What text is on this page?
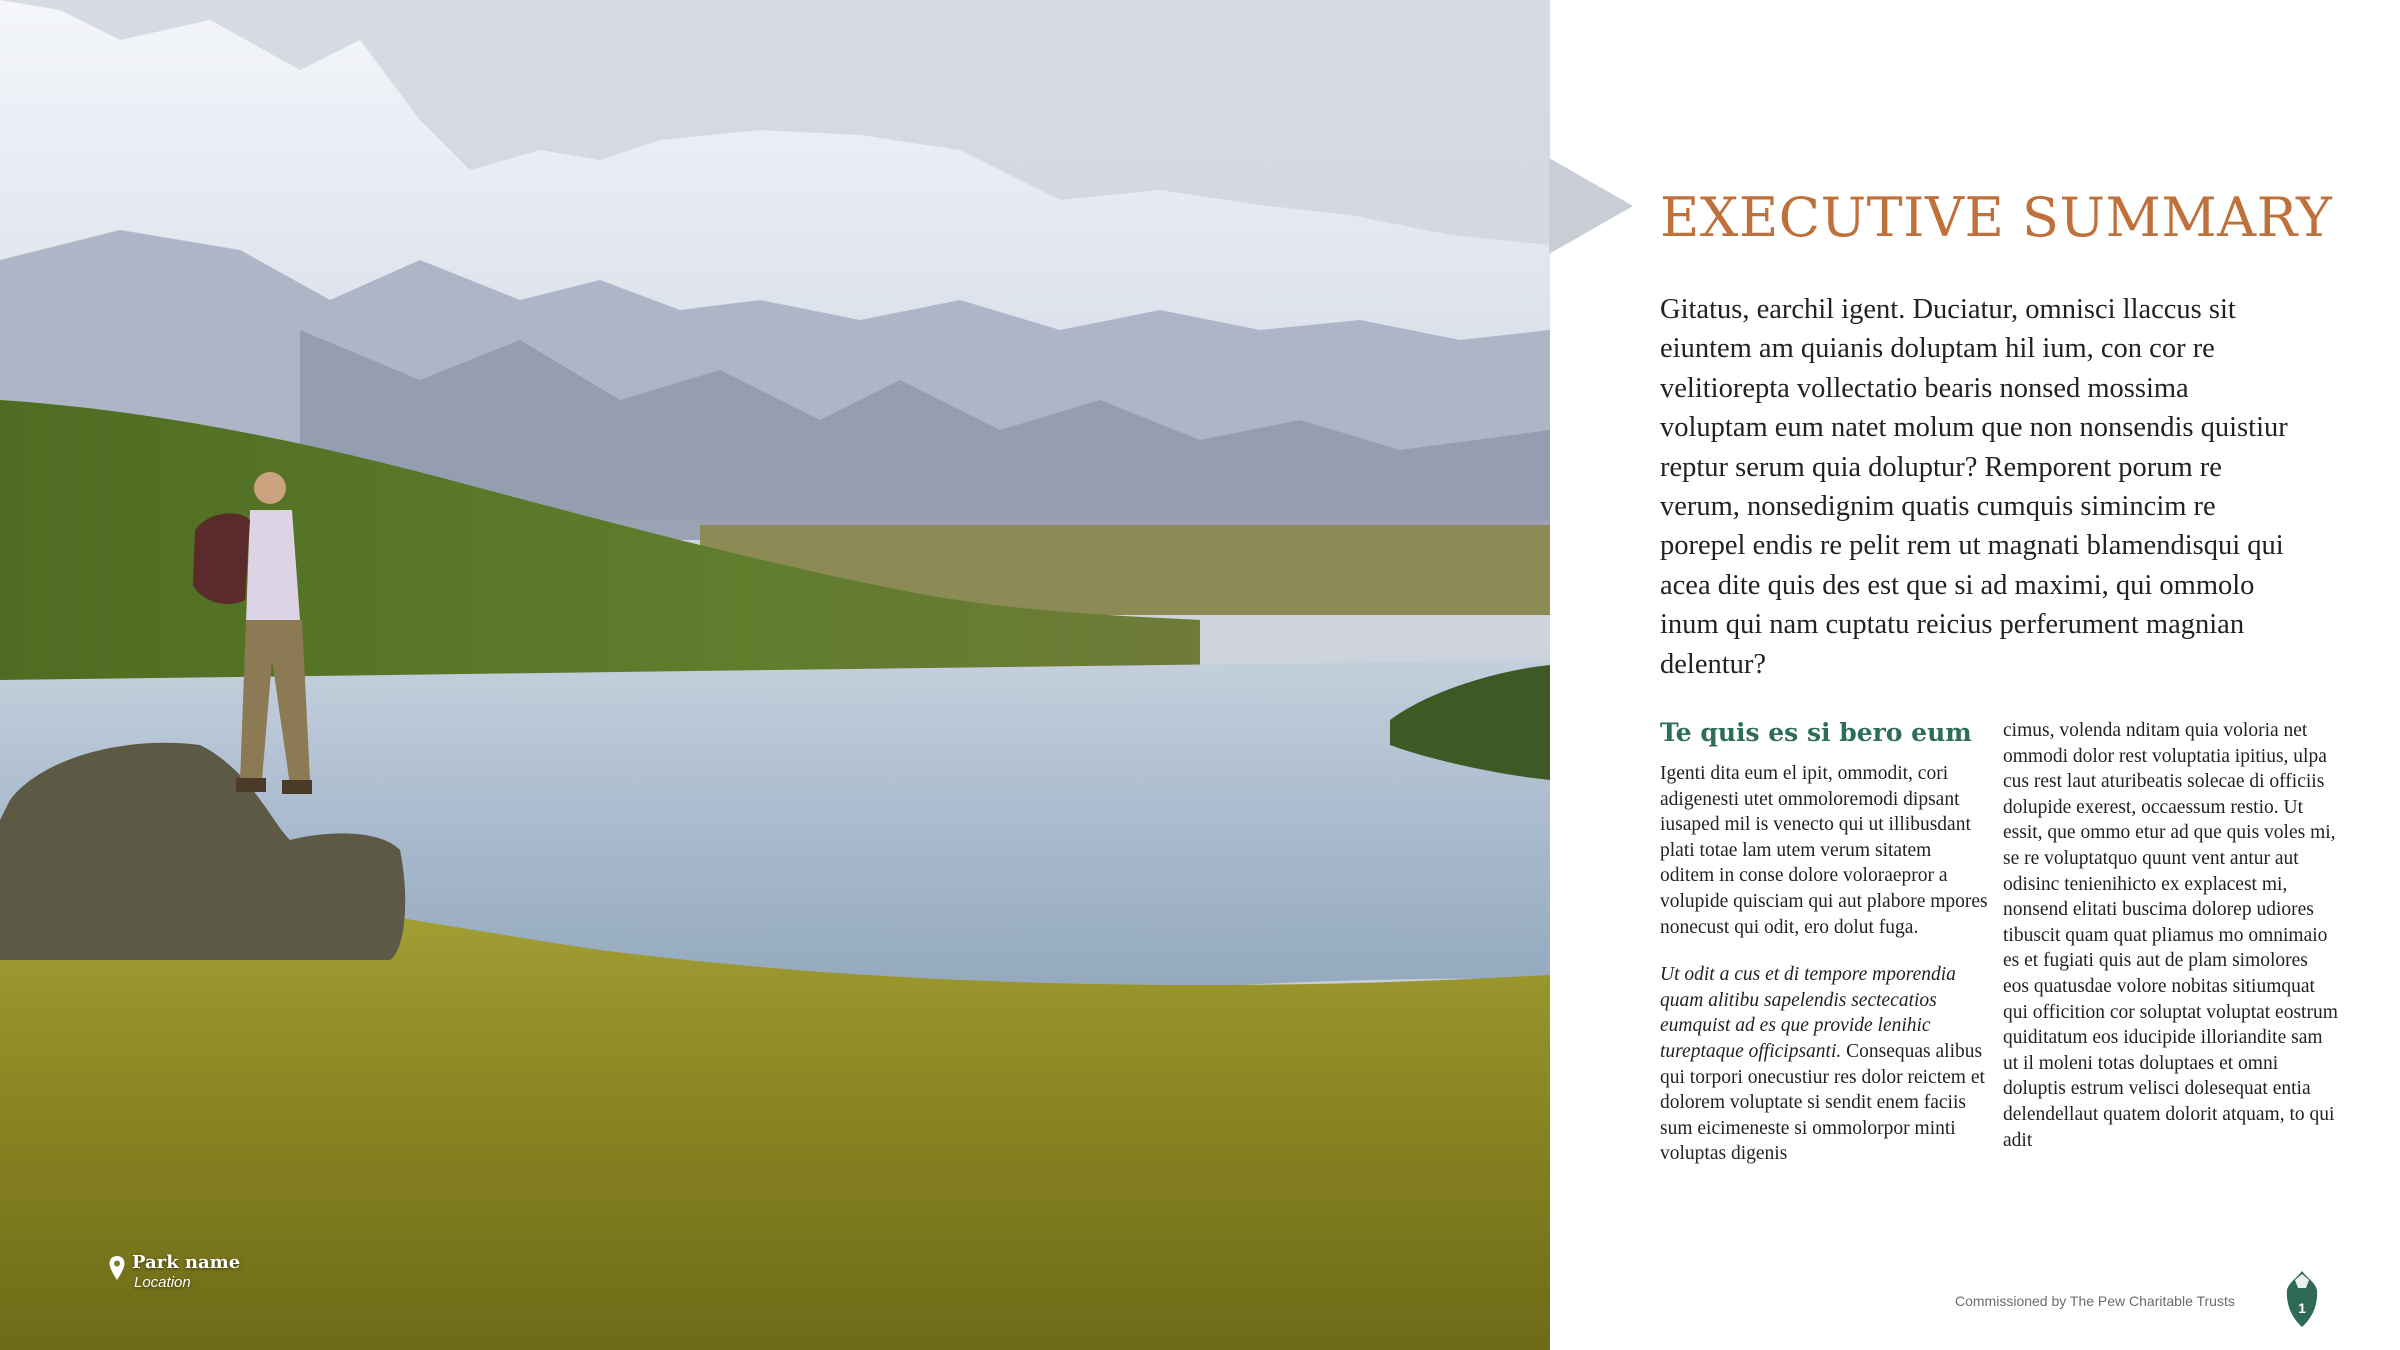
Park name
Location
EXECUTIVE SUMMARY

Gitatus, earchil igent. Duciatur, omnisci llaccus sit eiuntem am quianis doluptam hil ium, con cor re velitiorepta vollectatio bearis nonsed mossima voluptam eum natet molum que non nonsendis quistiur reptur serum quia doluptur? Remporent porum re verum, nonsedignim quatis cumquis simincim re porepel endis re pelit rem ut magnati blamendisqui qui acea dite quis des est que si ad maximi, qui ommolo inum qui nam cuptatu reicius perferument magnian delentur?

Te quis es si bero eum

Igenti dita eum el ipit, ommodit, cori adigenesti utet ommoloremodi dipsant iusaped mil is venecto qui ut illibusdant plati totae lam utem verum sitatem oditem in conse dolore voloraepror a volupide quisciam qui aut plabore mpores nonecust qui odit, ero dolut fuga.

Ut odit a cus et di tempore mporendia quam alitibu sapelendis sectecatios eumquist ad es que provide lenihic tureptaque officipsanti. Consequas alibus qui torpori onecustiur res dolor reictem et dolorem voluptate si sendit enem faciis sum eicimeneste si ommolorpor minti voluptas digenis

cimus, volenda nditam quia voloria net ommodi dolor rest voluptatia ipitius, ulpa cus rest laut aturibeatis solecae di officiis dolupide exerest, occaessum restio. Ut essit, que ommo etur ad que quis voles mi, se re voluptatquo quunt vent antur aut odisinc tenienihicto ex explacest mi, nonsend elitati buscima dolorep udiores tibuscit quam quat pliamus mo omnimaio es et fugiati quis aut de plam simolores eos quatusdae volore nobitas sitiumquat qui officition cor soluptat voluptat eostrum quiditatum eos iducipide illoriandite sam ut il moleni totas doluptaes et omni doluptis estrum velisci dolesequat entia delendellaut quatem dolorit atquam, to qui adit

Commissioned by The Pew Charitable Trusts	1
